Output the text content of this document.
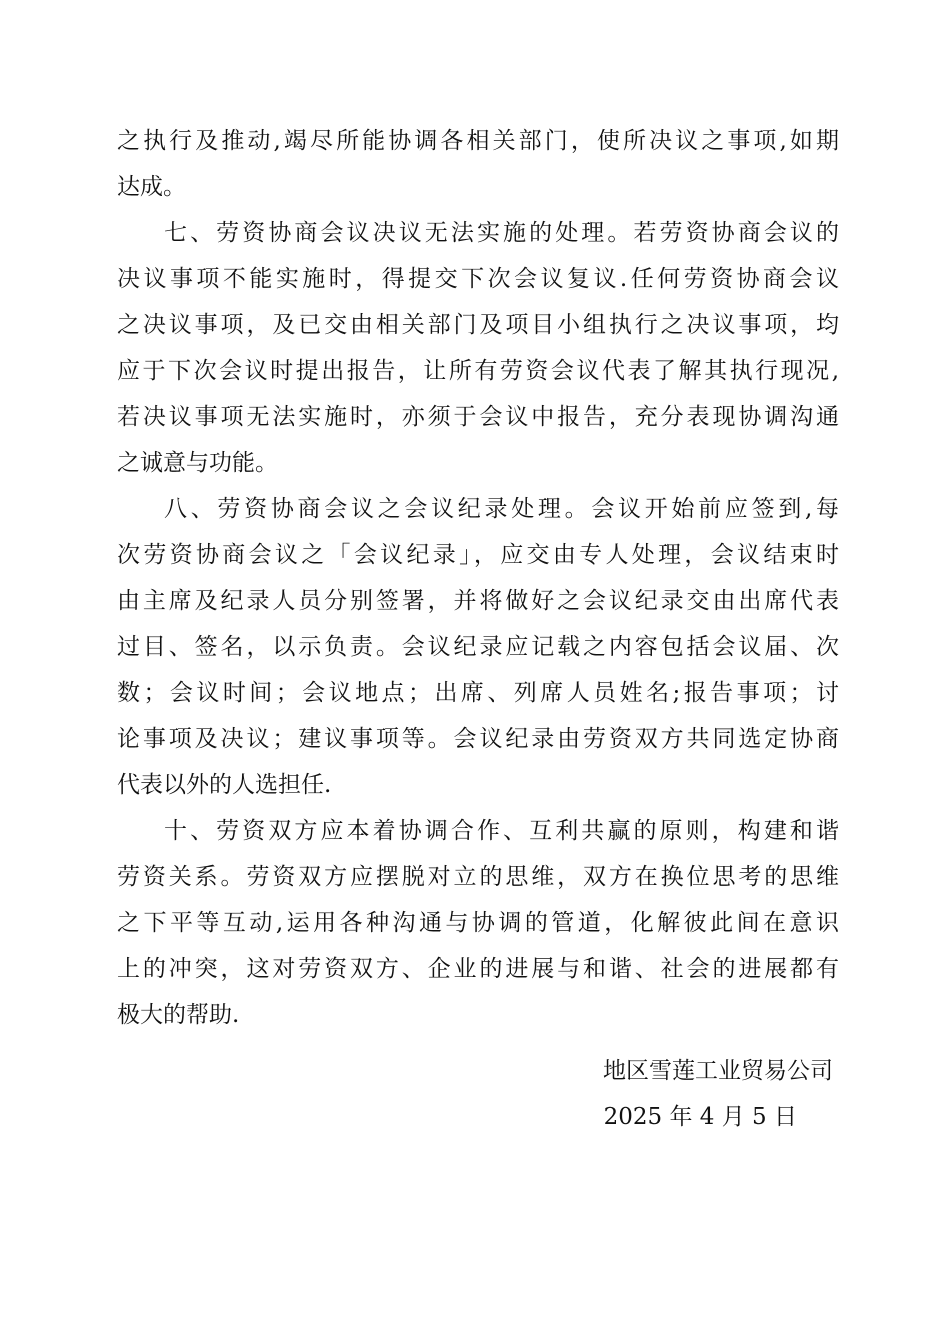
之执行及推动,竭尽所能协调各相关部门，使所决议之事项,如期
达成。
七、劳资协商会议决议无法实施的处理。若劳资协商会议的
决议事项不能实施时，得提交下次会议复议.任何劳资协商会议
之决议事项，及已交由相关部门及项目小组执行之决议事项，均
应于下次会议时提出报告，让所有劳资会议代表了解其执行现况,
若决议事项无法实施时，亦须于会议中报告，充分表现协调沟通
之诚意与功能。
八、劳资协商会议之会议纪录处理。会议开始前应签到,每
次劳资协商会议之「会议纪录」，应交由专人处理，会议结束时
由主席及纪录人员分别签署，并将做好之会议纪录交由出席代表
过目、签名，以示负责。会议纪录应记载之内容包括会议届、次
数；会议时间；会议地点；出席、列席人员姓名;报告事项；讨
论事项及决议；建议事项等。会议纪录由劳资双方共同选定协商
代表以外的人选担任.
十、劳资双方应本着协调合作、互利共赢的原则，构建和谐
劳资关系。劳资双方应摆脱对立的思维，双方在换位思考的思维
之下平等互动,运用各种沟通与协调的管道，化解彼此间在意识
上的冲突，这对劳资双方、企业的进展与和谐、社会的进展都有
极大的帮助.
地区雪莲工业贸易公司
2025 年 4 月 5 日
